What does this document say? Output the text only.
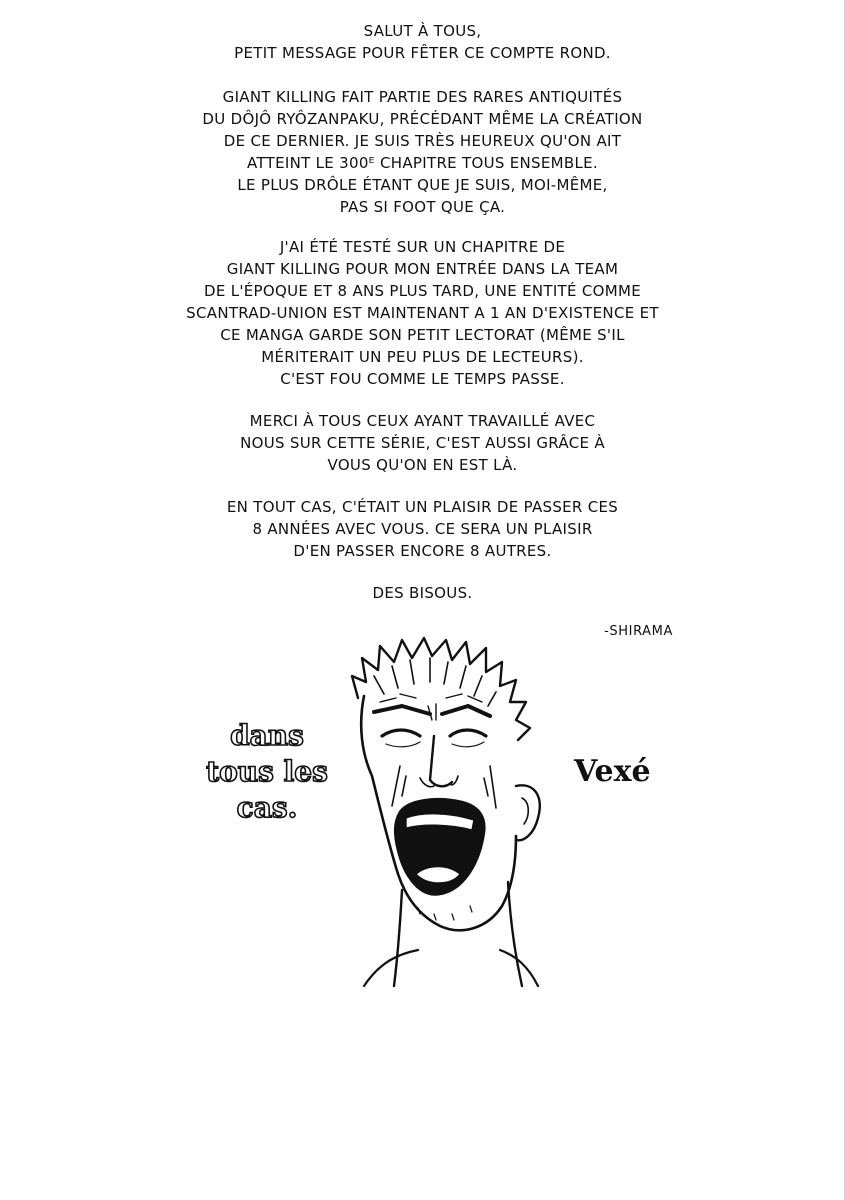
SALUT À TOUS,
PETIT MESSAGE POUR FÊTER CE COMPTE ROND.
GIANT KILLING FAIT PARTIE DES RARES ANTIQUITÉS
DU DÔJÔ RYÔZANPAKU, PRÉCÉDANT MÊME LA CRÉATION
DE CE DERNIER. JE SUIS TRÈS HEUREUX QU'ON AIT
ATTEINT LE 300ᴱ CHAPITRE TOUS ENSEMBLE.
LE PLUS DRÔLE ÉTANT QUE JE SUIS, MOI-MÊME,
PAS SI FOOT QUE ÇA.
J'AI ÉTÉ TESTÉ SUR UN CHAPITRE DE
GIANT KILLING POUR MON ENTRÉE DANS LA TEAM
DE L'ÉPOQUE ET 8 ANS PLUS TARD, UNE ENTITÉ COMME
SCANTRAD-UNION EST MAINTENANT A 1 AN D'EXISTENCE ET
CE MANGA GARDE SON PETIT LECTORAT (MÊME S'IL
MÉRITERAIT UN PEU PLUS DE LECTEURS).
C'EST FOU COMME LE TEMPS PASSE.
MERCI À TOUS CEUX AYANT TRAVAILLÉ AVEC
NOUS SUR CETTE SÉRIE, C'EST AUSSI GRÂCE À
VOUS QU'ON EN EST LÀ.
EN TOUT CAS, C'ÉTAIT UN PLAISIR DE PASSER CES
8 ANNÉES AVEC VOUS. CE SERA UN PLAISIR
D'EN PASSER ENCORE 8 AUTRES.
DES BISOUS.
-SHIRAMA
dans
tous les
cas.
Vexé
